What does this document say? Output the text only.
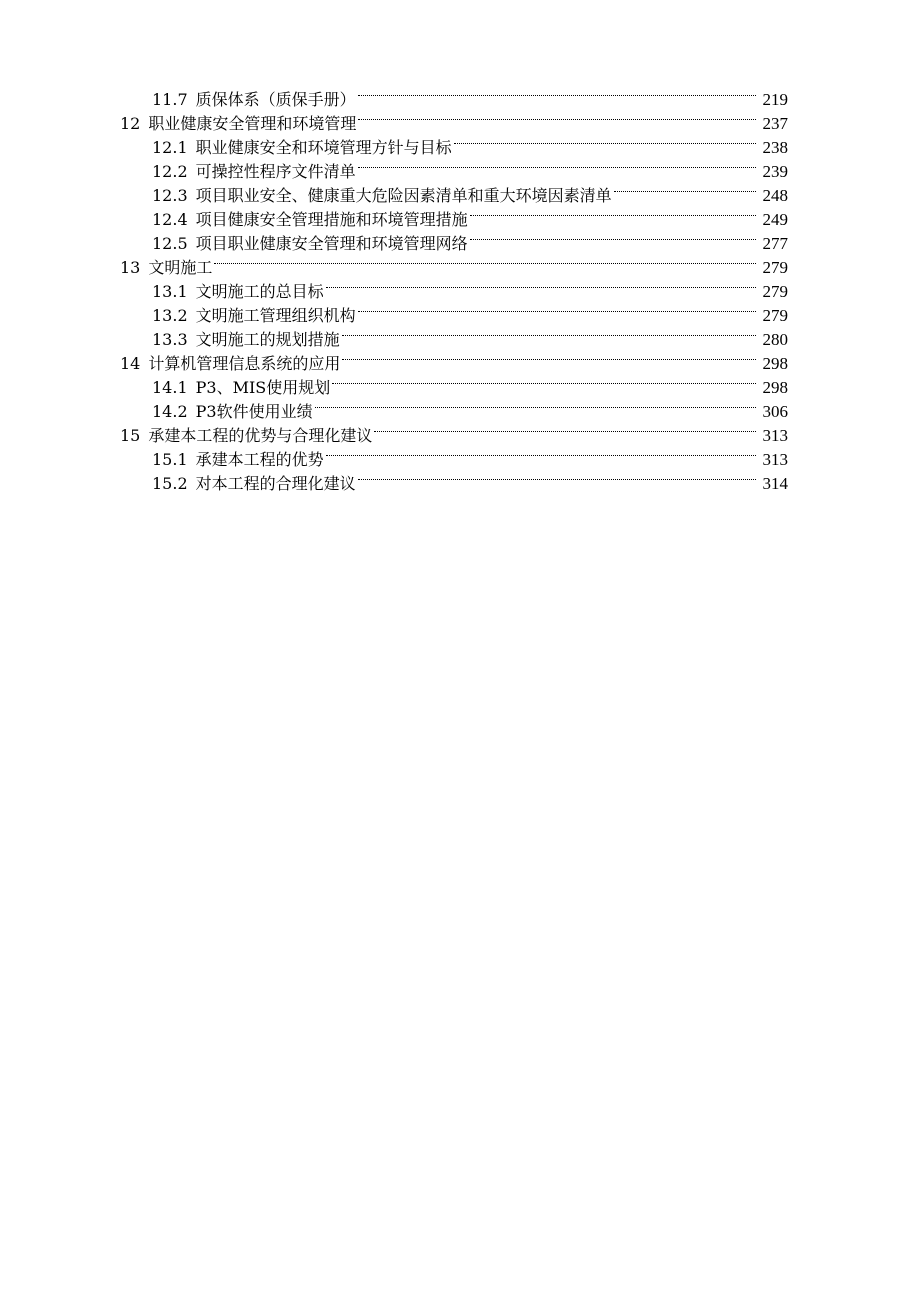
11.7 质保体系（质保手册）	219
12 职业健康安全管理和环境管理	237
12.1 职业健康安全和环境管理方针与目标	238
12.2 可操控性程序文件清单	239
12.3 项目职业安全、健康重大危险因素清单和重大环境因素清单	248
12.4 项目健康安全管理措施和环境管理措施	249
12.5 项目职业健康安全管理和环境管理网络	277
13 文明施工	279
13.1 文明施工的总目标	279
13.2 文明施工管理组织机构	279
13.3 文明施工的规划措施	280
14 计算机管理信息系统的应用	298
14.1 P3、MIS使用规划	298
14.2 P3软件使用业绩	306
15 承建本工程的优势与合理化建议	313
15.1 承建本工程的优势	313
15.2 对本工程的合理化建议	314
